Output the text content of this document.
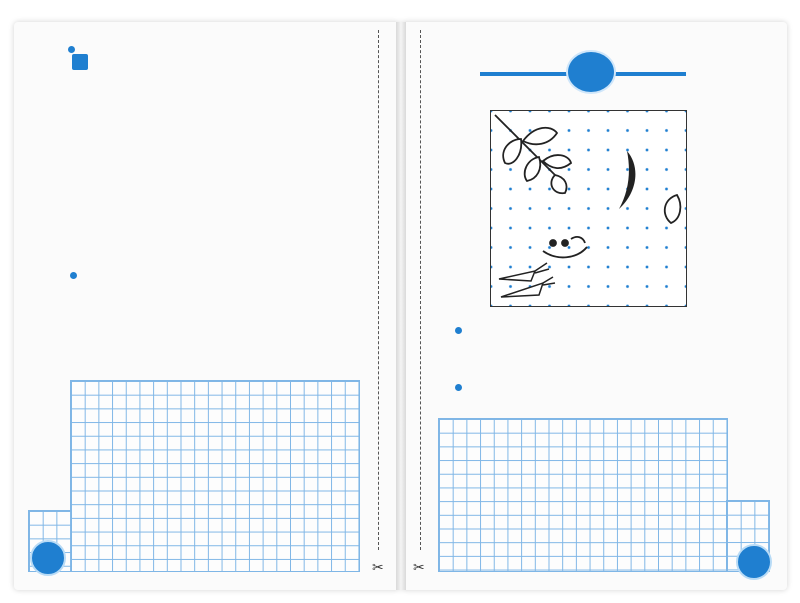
✂ ✂
